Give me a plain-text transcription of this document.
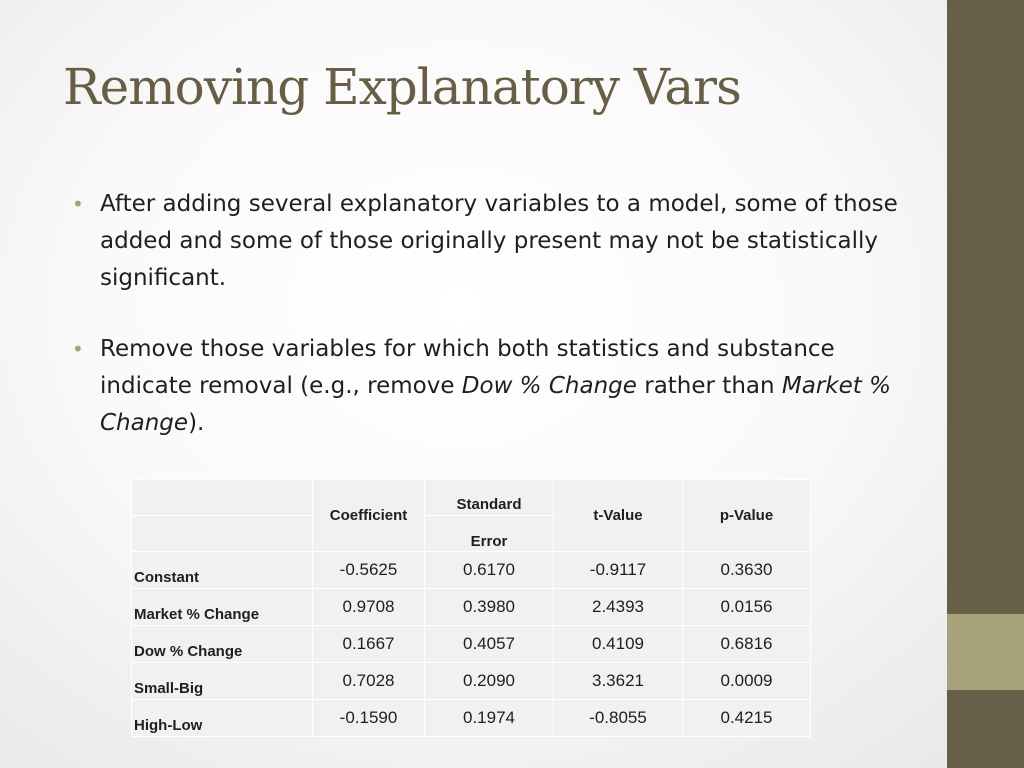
Removing Explanatory Vars
• After adding several explanatory variables to a model, some of those added and some of those originally present may not be statistically significant.
• Remove those variables for which both statistics and substance indicate removal (e.g., remove Dow % Change rather than Market % Change).
	Coefficient	Standard	t-Value	p-Value
		Error		
Constant	-0.5625	0.6170	-0.9117	0.3630
Market % Change	0.9708	0.3980	2.4393	0.0156
Dow % Change	0.1667	0.4057	0.4109	0.6816
Small-Big	0.7028	0.2090	3.3621	0.0009
High-Low	-0.1590	0.1974	-0.8055	0.4215
